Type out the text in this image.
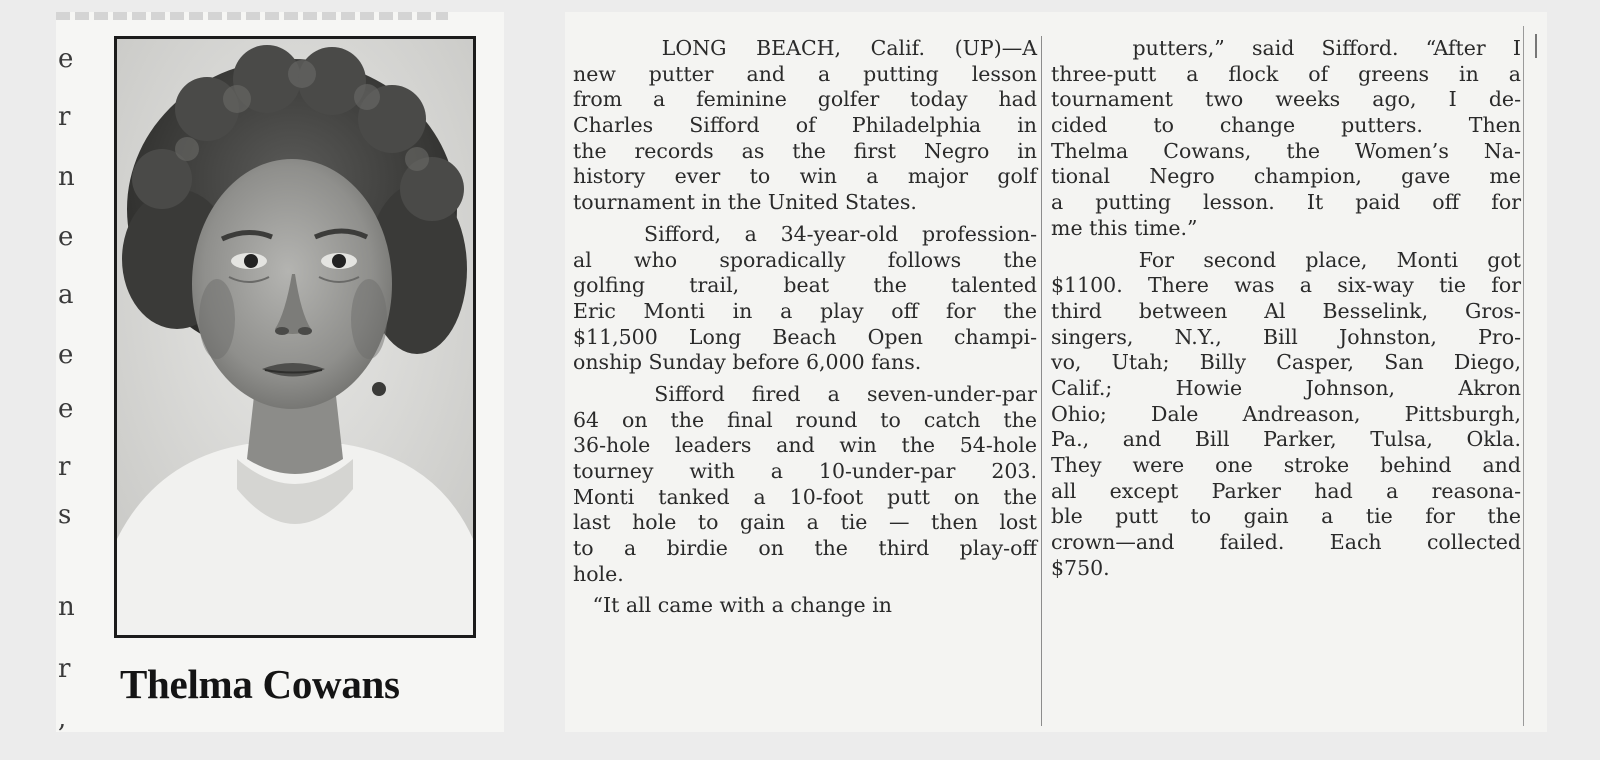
e
r
n
e
a
e
e
r
s
n
r
,
Thelma Cowans
LONG BEACH, Calif. (UP)—A
new putter and a putting lesson
from a feminine golfer today had
Charles Sifford of Philadelphia in
the records as the first Negro in
history ever to win a major golf
tournament in the United States.
Sifford, a 34-year-old profession-
al who sporadically follows the
golfing trail, beat the talented
Eric Monti in a play off for the
$11,500 Long Beach Open champi-
onship Sunday before 6,000 fans.
Sifford fired a seven-under-par
64 on the final round to catch the
36-hole leaders and win the 54-hole
tourney with a 10-under-par 203.
Monti tanked a 10-foot putt on the
last hole to gain a tie — then lost
to a birdie on the third play-off
hole.
“It all came with a change in
putters,” said Sifford. “After I
three-putt a flock of greens in a
tournament two weeks ago, I de-
cided to change putters. Then
Thelma Cowans, the Women’s Na-
tional Negro champion, gave me
a putting lesson. It paid off for
me this time.”
For second place, Monti got
$1100. There was a six-way tie for
third between Al Besselink, Gros-
singers, N.Y., Bill Johnston, Pro-
vo, Utah; Billy Casper, San Diego,
Calif.; Howie Johnson, Akron
Ohio; Dale Andreason, Pittsburgh,
Pa., and Bill Parker, Tulsa, Okla.
They were one stroke behind and
all except Parker had a reasona-
ble putt to gain a tie for the
crown—and failed. Each collected
$750.
